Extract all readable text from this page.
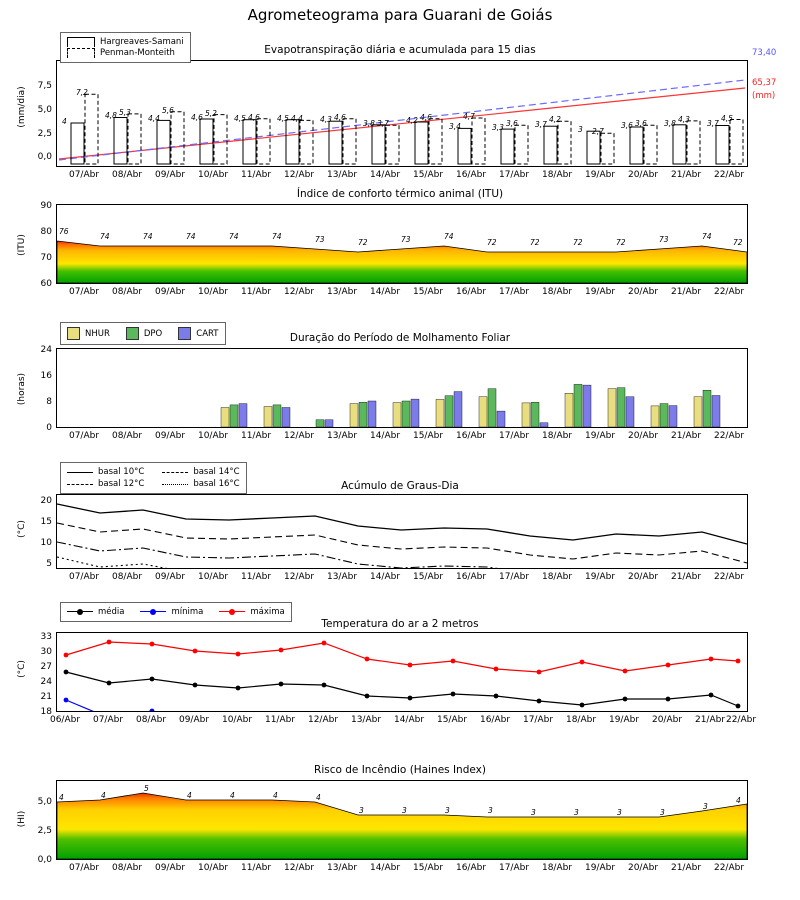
Agrometeograma para Guarani de Goiás
Evapotranspiração diária e acumulada para 15 dias
0,0
2,5
5,0
7,5
(mm/dia)
07/Abr	08/Abr	09/Abr	10/Abr	11/Abr	12/Abr	13/Abr	14/Abr	15/Abr	16/Abr	17/Abr	18/Abr	19/Abr	20/Abr	21/Abr	22/Abr
4
4,8	4,4	4,6	4,5	4,5	4,3	3,8	4,2
3,4	3,3	3,7
3	3,6	3,8	3,7
7,2
5,3	5,6	5,2	4,6	4,4	4,6
3,7
4,6	4,7
3,6	4,2
2,7
3,6	4,3	4,5
Hargreaves-Samani
Penman-Monteith	73,40
65,37
(mm)
Índice de conforto térmico animal (ITU)
60
70
80
90
(ITU)
07/Abr	08/Abr	09/Abr	10/Abr	11/Abr	12/Abr	13/Abr	14/Abr	15/Abr	16/Abr	17/Abr	18/Abr	19/Abr	20/Abr	21/Abr	22/Abr
76
74	74	74	74	74	73	72	73	74
72	72	72	72	73	74
72
Duração do Período de Molhamento Foliar
0
8
16
24
(horas)
07/Abr	08/Abr	09/Abr	10/Abr	11/Abr	12/Abr	13/Abr	14/Abr	15/Abr	16/Abr	17/Abr	18/Abr	19/Abr	20/Abr	21/Abr	22/Abr
NHUR	DPO	CART
Acúmulo de Graus-Dia
5
10
15
20
(°C)
07/Abr	08/Abr	09/Abr	10/Abr	11/Abr	12/Abr	13/Abr	14/Abr	15/Abr	16/Abr	17/Abr	18/Abr	19/Abr	20/Abr	21/Abr	22/Abr
basal 10°C	basal 14°C
basal 12°C	basal 16°C
Temperatura do ar a 2 metros
18
21
24
27
30
33
(°C)
06/Abr	07/Abr	08/Abr	09/Abr	10/Abr	11/Abr	12/Abr	13/Abr	14/Abr	15/Abr	16/Abr	17/Abr	18/Abr	19/Abr	20/Abr	21/Abr 22/Abr
média	mínima	máxima
Risco de Incêndio (Haines Index)
0,0
2,5
5,0
(HI)
07/Abr	08/Abr	09/Abr	10/Abr	11/Abr	12/Abr	13/Abr	14/Abr	15/Abr	16/Abr	17/Abr	18/Abr	19/Abr	20/Abr	21/Abr	22/Abr
4	4
5
4	4	4	4
3	3	3	3	3	3	3	3
3
4
